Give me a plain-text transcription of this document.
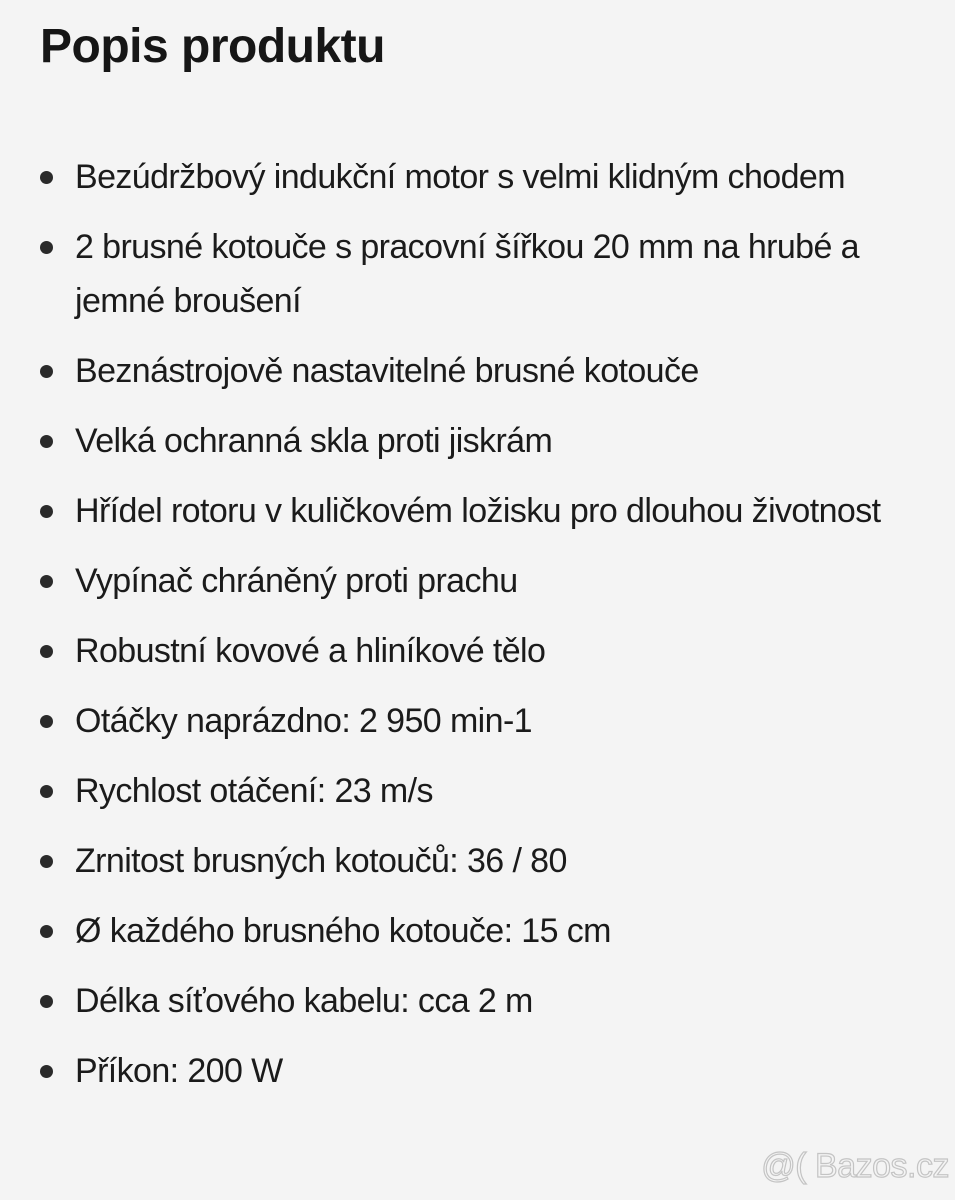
Popis produktu
Bezúdržbový indukční motor s velmi klidným chodem
2 brusné kotouče s pracovní šířkou 20 mm na hrubé a jemné broušení
Beznástrojově nastavitelné brusné kotouče
Velká ochranná skla proti jiskrám
Hřídel rotoru v kuličkovém ložisku pro dlouhou životnost
Vypínač chráněný proti prachu
Robustní kovové a hliníkové tělo
Otáčky naprázdno: 2 950 min-1
Rychlost otáčení: 23 m/s
Zrnitost brusných kotoučů: 36 / 80
Ø každého brusného kotouče: 15 cm
Délka síťového kabelu: cca 2 m
Příkon: 200 W
@( Bazos.cz
